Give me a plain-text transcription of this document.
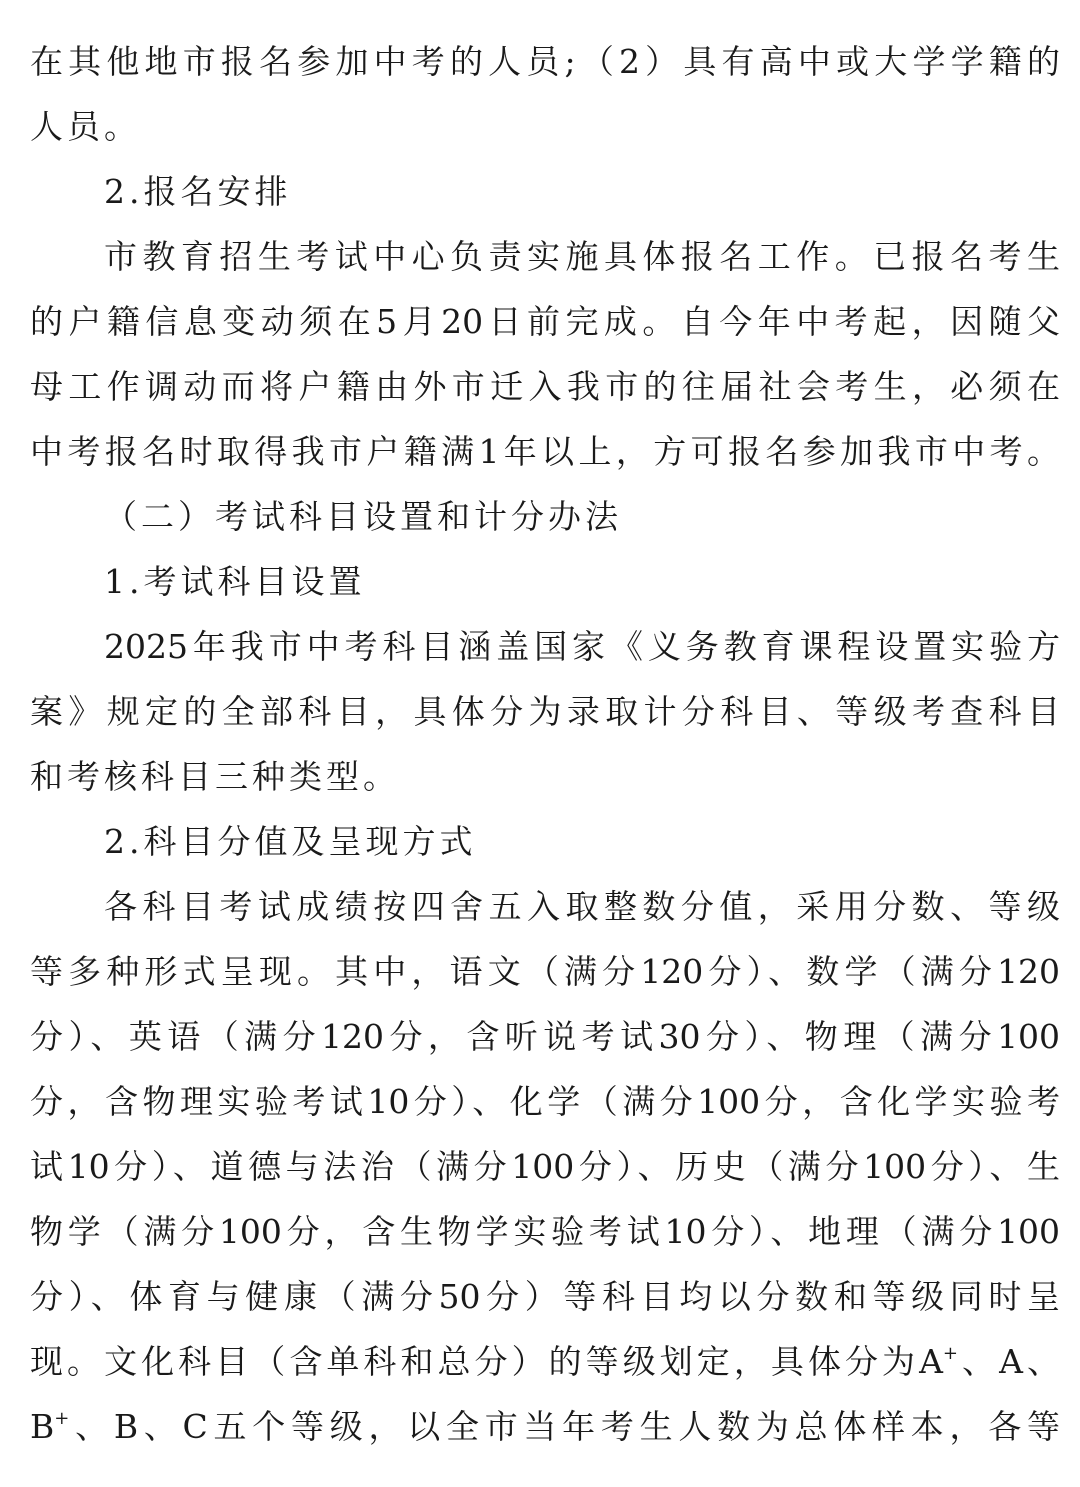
在其他地市报名参加中考的人员;（2）具有高中或大学学籍的
人员。
2.报名安排
市教育招生考试中心负责实施具体报名工作。已报名考生
的户籍信息变动须在5月20日前完成。自今年中考起，因随父
母工作调动而将户籍由外市迁入我市的往届社会考生，必须在
中考报名时取得我市户籍满1年以上，方可报名参加我市中考。
（二）考试科目设置和计分办法
1.考试科目设置
2025年我市中考科目涵盖国家《义务教育课程设置实验方
案》规定的全部科目，具体分为录取计分科目、等级考查科目
和考核科目三种类型。
2.科目分值及呈现方式
各科目考试成绩按四舍五入取整数分值，采用分数、等级
等多种形式呈现。其中，语文（满分120分）、数学（满分120
分）、英语（满分120分，含听说考试30分）、物理（满分100
分，含物理实验考试10分）、化学（满分100分，含化学实验考
试10分）、道德与法治（满分100分）、历史（满分100分）、生
物学（满分100分，含生物学实验考试10分）、地理（满分100
分）、体育与健康（满分50分）等科目均以分数和等级同时呈
现。文化科目（含单科和总分）的等级划定，具体分为A+、A、
B+、B、C五个等级，以全市当年考生人数为总体样本，各等
